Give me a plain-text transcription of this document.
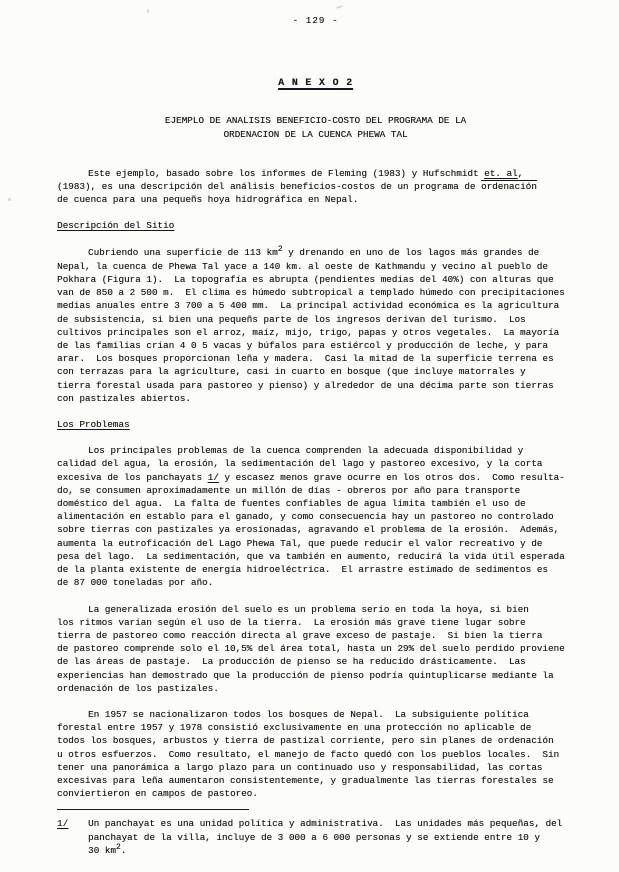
- 129 -
A N E X O 2
EJEMPLO DE ANALISIS BENEFICIO-COSTO DEL PROGRAMA DE LA
ORDENACION DE LA CUENCA PHEWA TAL

Este ejemplo, basado sobre los informes de Fleming (1983) y Hufschmidt et. al,
(1983), es una descripción del análisis beneficios-costos de un programa de ordenación
de cuenca para una pequeñs hoya hidrográfica en Nepal.

Descripción del Sitio

Cubriendo una superficie de 113 km2 y drenando en uno de los lagos más grandes de
Nepal, la cuenca de Phewa Tal yace a 140 km. al oeste de Kathmandu y vecino al pueblo de
Pokhara (Figura 1).  La topografía es abrupta (pendientes medias del 40%) con alturas que
van de 850 a 2 500 m.  El clima es húmedo subtropical a templado húmedo con precipitaciones
medias anuales entre 3 700 a 5 400 mm.  La principal actividad económica es la agricultura
de subsistencia, si bien una pequeñs parte de los ingresos derivan del turismo.  Los
cultivos principales son el arroz, maíz, mijo, trigo, papas y otros vegetales.  La mayoría
de las familias crían 4 0 5 vacas y búfalos para estiércol y producción de leche, y para
arar.  Los bosques proporcionan leña y madera.  Casi la mitad de la superficie terrena es
con terrazas para la agriculture, casi in cuarto en bosque (que incluye matorrales y
tierra forestal usada para pastoreo y pienso) y alrededor de una décima parte son tierras
con pastizales abiertos.

Los Problemas

Los principales problemas de la cuenca comprenden la adecuada disponibilidad y
calidad del agua, la erosión, la sedimentación del lago y pastoreo excesivo, y la corta
excesiva de los panchayats 1/ y escasez menos grave ocurre en los otros dos.  Como resulta-
do, se consumen aproximadamente un millón de días - obreros por año para transporte
doméstico del agua.  La falta de fuentes confiables de agua limita también el uso de
alimentación en establo para el ganado, y como consecuencia hay un pastoreo no controlado
sobre tierras con pastizales ya erosionadas, agravando el problema de la erosión.  Además,
aumenta la eutroficación del Lago Phewa Tal, que puede reducir el valor recreativo y de
pesa del lago.  La sedimentación, que va también en aumento, reducirá la vida útil esperada
de la planta existente de energía hidroeléctrica.  El arrastre estimado de sedimentos es
de 87 000 toneladas por año.

La generalizada erosión del suelo es un problema serio en toda la hoya, si bien
los ritmos varían según el uso de la tierra.  La erosión más grave tiene lugar sobre
tierra de pastoreo como reacción directa al grave exceso de pastaje.  Si bien la tierra
de pastoreo comprende solo el 10,5% del área total, hasta un 29% del suelo perdido proviene
de las áreas de pastaje.  La producción de pienso se ha reducido drásticamente.  Las
experiencias han demostrado que la producción de pienso podría quintuplicarse mediante la
ordenación de los pastizales.

En 1957 se nacionalizaron todos los bosques de Nepal.  La subsiguiente política
forestal entre 1957 y 1978 consistió exclusivamente en una protección no aplicable de
todos los bosques, arbustos y tierra de pastizal corriente, pero sin planes de ordenación
u otros esfuerzos.  Como resultato, el manejo de facto quedó con los pueblos locales.  Sin
tener una panorámica a largo plazo para un continuado uso y responsabilidad, las cortas
excesivas para leña aumentaron consistentemente, y gradualmente las tierras forestales se
conviertieron en campos de pastoreo.

1/	Un panchayat es una unidad política y administrativa.  Las unidades más pequeñas, del
panchayat de la villa, incluye de 3 000 a 6 000 personas y se extiende entre 10 y
30 km2.
